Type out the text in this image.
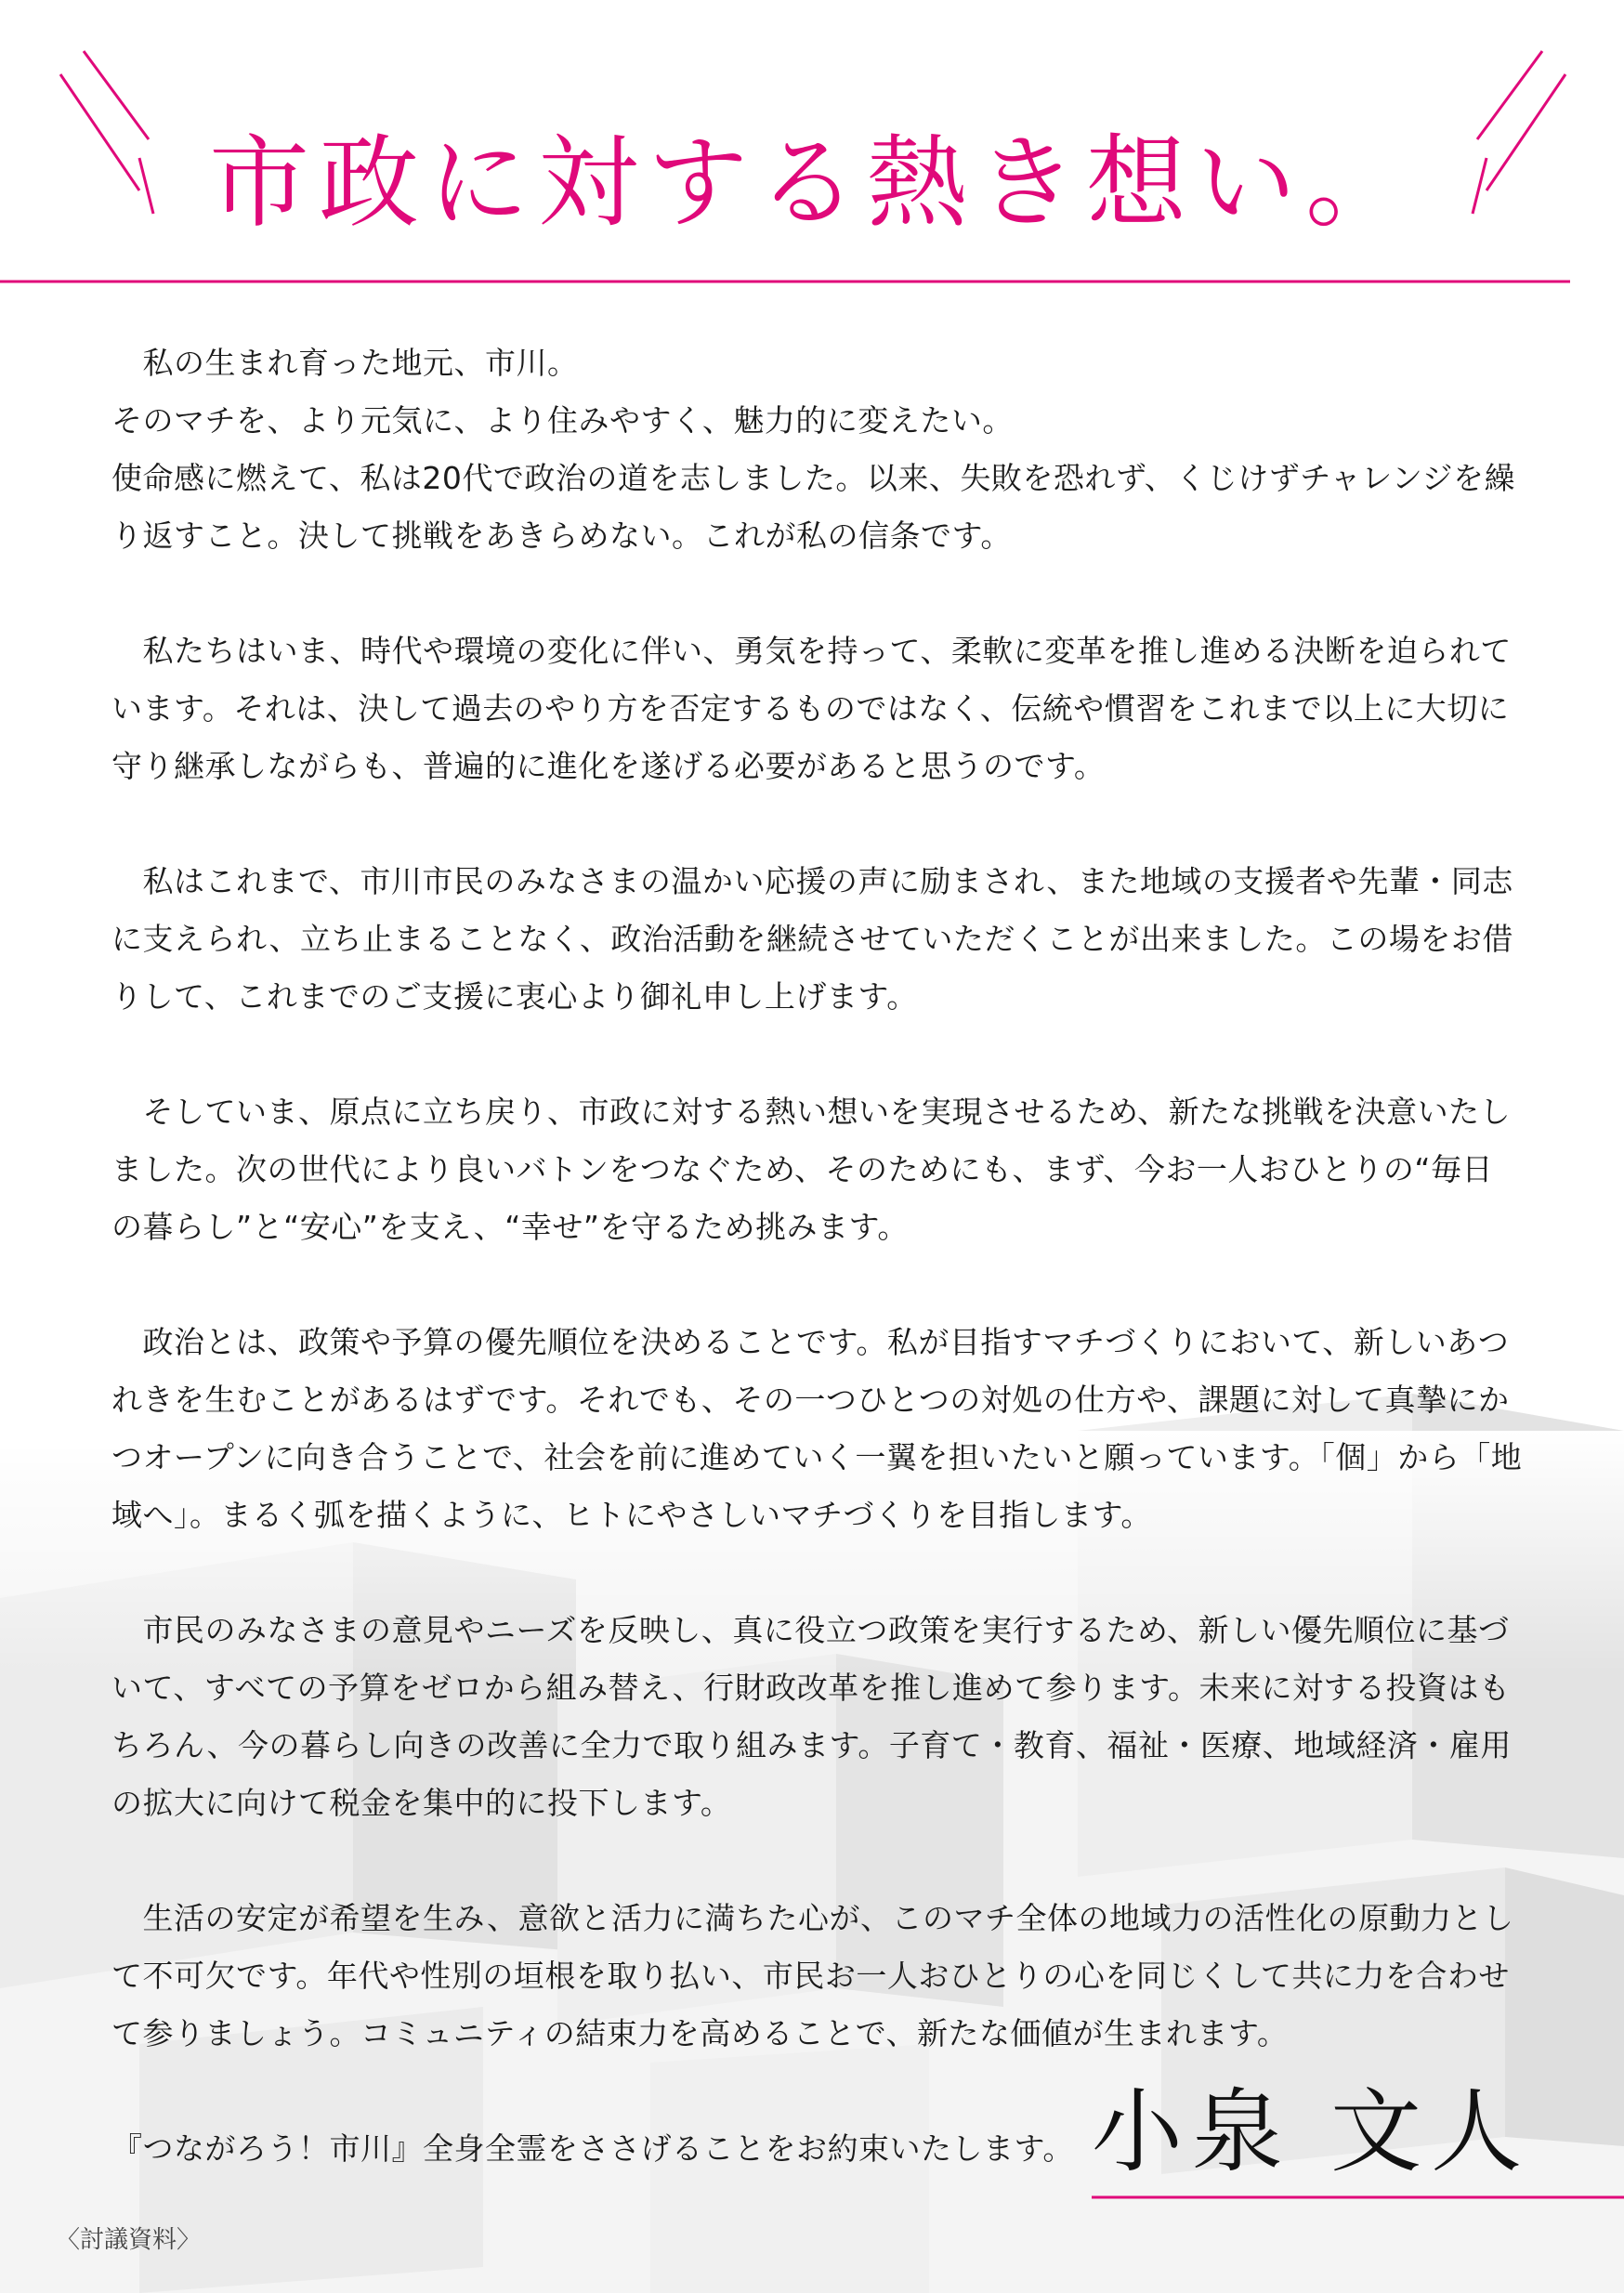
市政に対する熱き想い。

　私の生まれ育った地元、市川。
そのマチを、より元気に、より住みやすく、魅力的に変えたい。
使命感に燃えて、私は20代で政治の道を志しました。以来、失敗を恐れず、くじけずチャレンジを繰り返すこと。決して挑戦をあきらめない。これが私の信条です。

　私たちはいま、時代や環境の変化に伴い、勇気を持って、柔軟に変革を推し進める決断を迫られています。それは、決して過去のやり方を否定するものではなく、伝統や慣習をこれまで以上に大切に守り継承しながらも、普遍的に進化を遂げる必要があると思うのです。

　私はこれまで、市川市民のみなさまの温かい応援の声に励まされ、また地域の支援者や先輩・同志に支えられ、立ち止まることなく、政治活動を継続させていただくことが出来ました。この場をお借りして、これまでのご支援に衷心より御礼申し上げます。

　そしていま、原点に立ち戻り、市政に対する熱い想いを実現させるため、新たな挑戦を決意いたしました。次の世代により良いバトンをつなぐため、そのためにも、まず、今お一人おひとりの“毎日の暮らし”と“安心”を支え、“幸せ”を守るため挑みます。

　政治とは、政策や予算の優先順位を決めることです。私が目指すマチづくりにおいて、新しいあつれきを生むことがあるはずです。それでも、その一つひとつの対処の仕方や、課題に対して真摯にかつオープンに向き合うことで、社会を前に進めていく一翼を担いたいと願っています。「個」から「地域へ」。まるく弧を描くように、ヒトにやさしいマチづくりを目指します。

　市民のみなさまの意見やニーズを反映し、真に役立つ政策を実行するため、新しい優先順位に基づいて、すべての予算をゼロから組み替え、行財政改革を推し進めて参ります。未来に対する投資はもちろん、今の暮らし向きの改善に全力で取り組みます。子育て・教育、福祉・医療、地域経済・雇用の拡大に向けて税金を集中的に投下します。

　生活の安定が希望を生み、意欲と活力に満ちた心が、このマチ全体の地域力の活性化の原動力として不可欠です。年代や性別の垣根を取り払い、市民お一人おひとりの心を同じくして共に力を合わせて参りましょう。コミュニティの結束力を高めることで、新たな価値が生まれます。

『つながろう！市川』全身全霊をささげることをお約束いたします。 小泉 文人
〈討議資料〉
